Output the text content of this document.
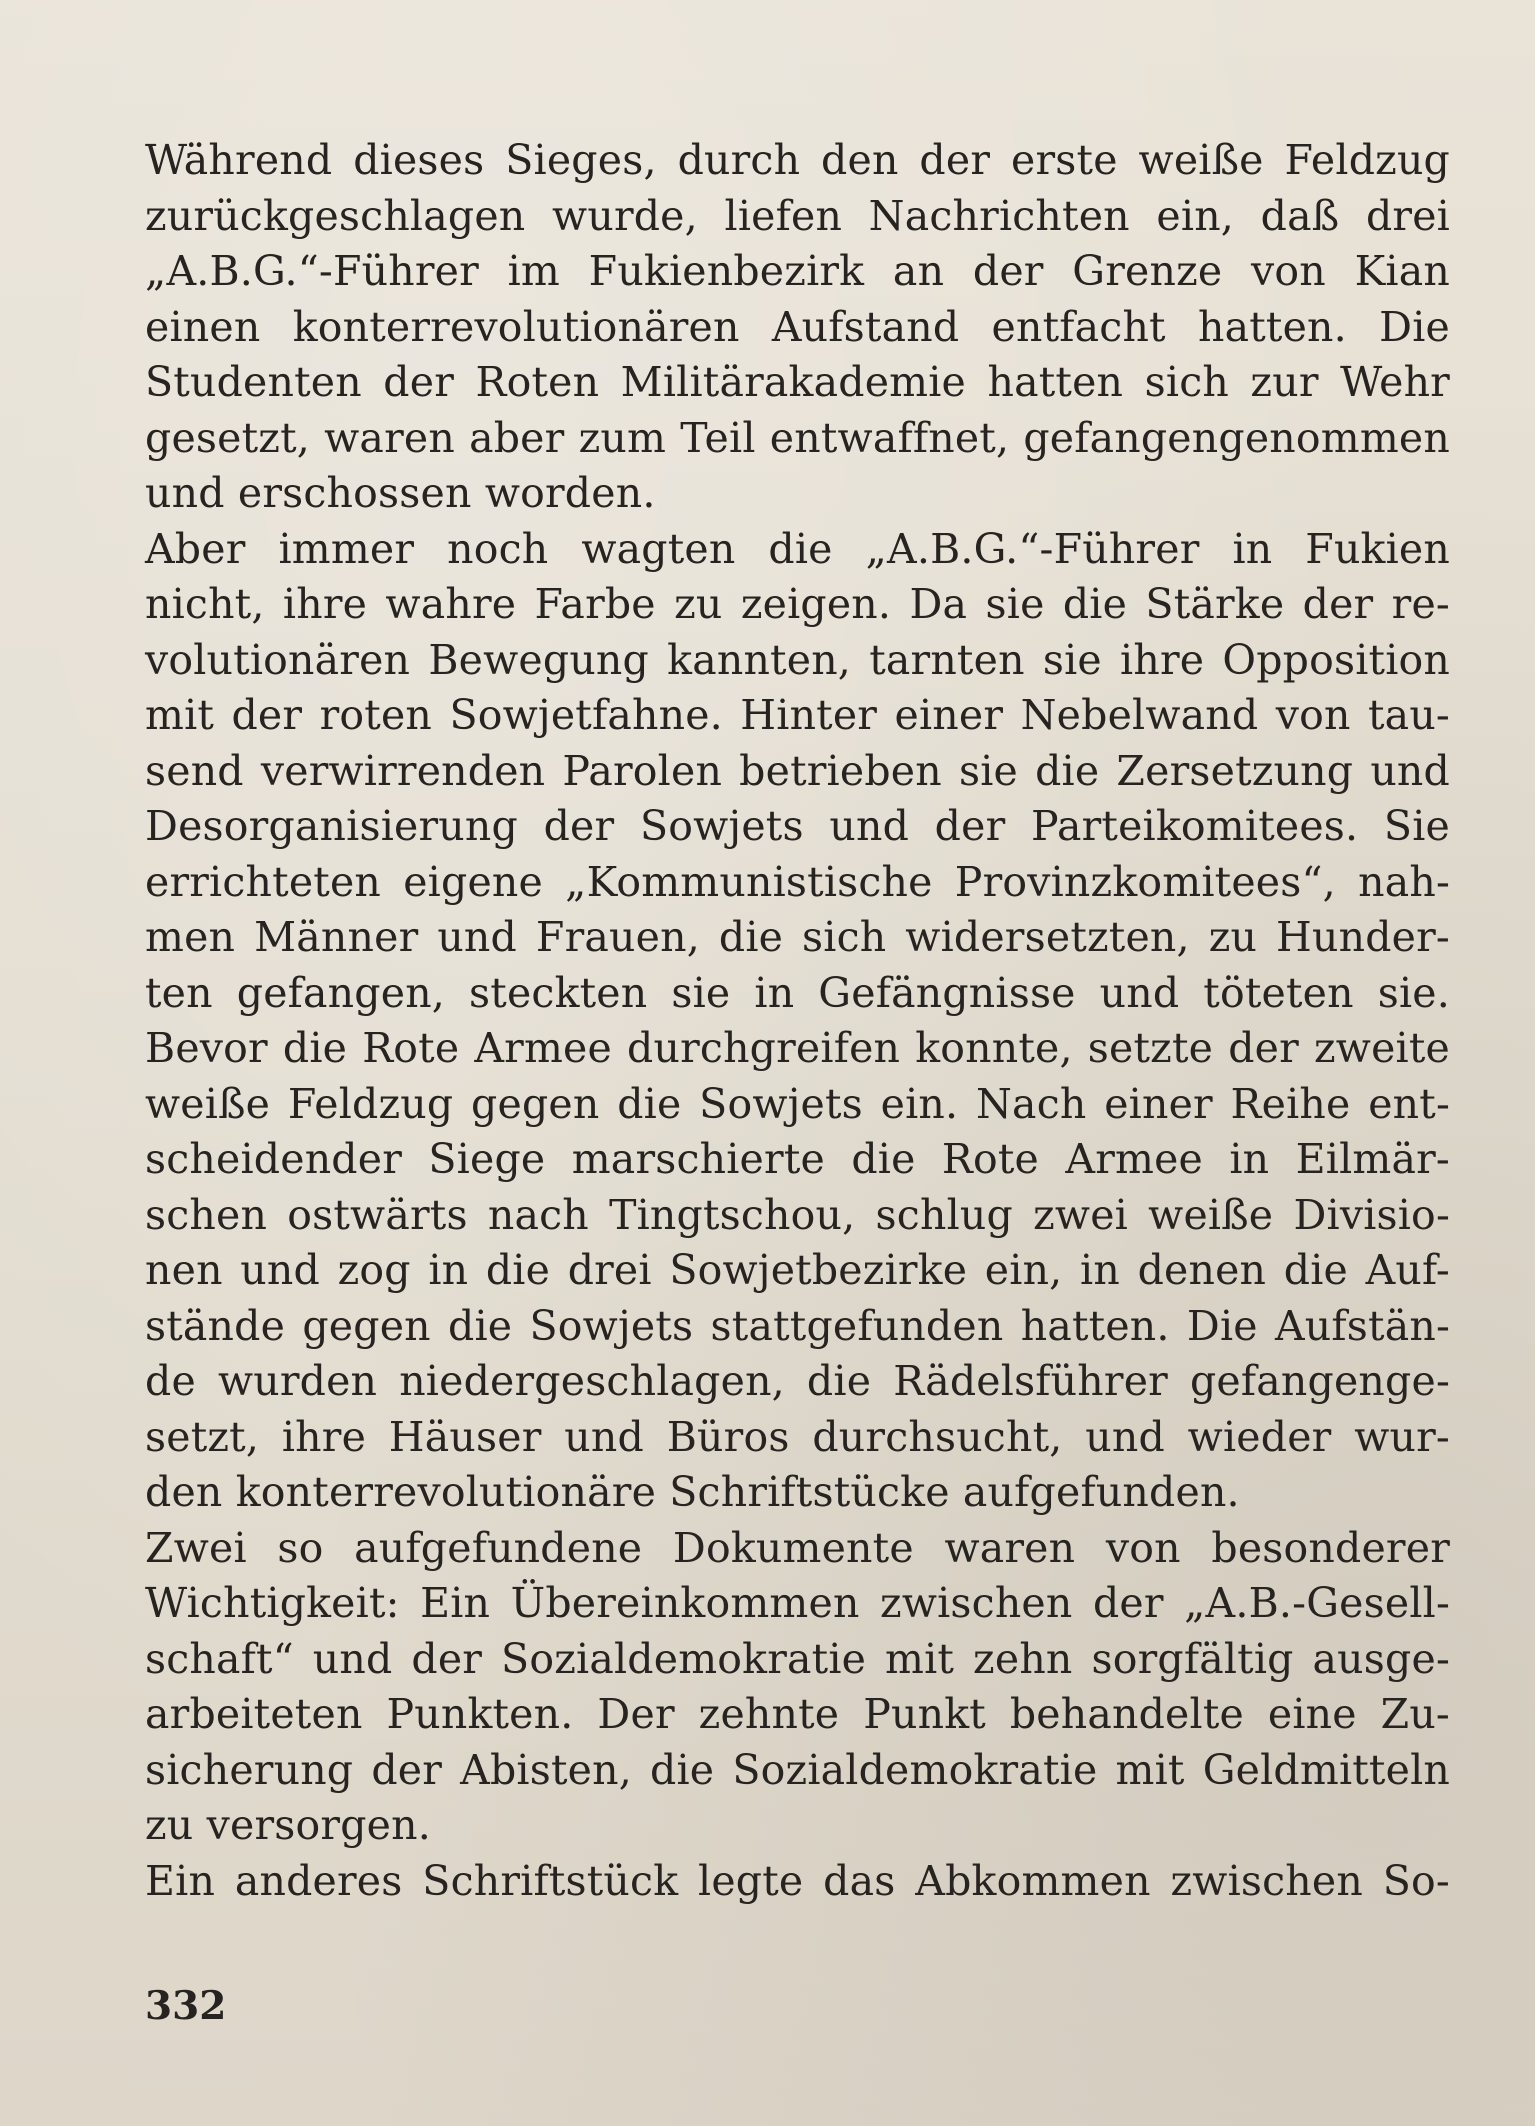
Während dieses Sieges, durch den der erste weiße Feldzug
zurückgeschlagen wurde, liefen Nachrichten ein, daß drei
„A.B.G.“-Führer im Fukienbezirk an der Grenze von Kian
einen konterrevolutionären Aufstand entfacht hatten. Die
Studenten der Roten Militärakademie hatten sich zur Wehr
gesetzt, waren aber zum Teil entwaffnet, gefangengenommen
und erschossen worden.
Aber immer noch wagten die „A.B.G.“-Führer in Fukien
nicht, ihre wahre Farbe zu zeigen. Da sie die Stärke der re-
volutionären Bewegung kannten, tarnten sie ihre Opposition
mit der roten Sowjetfahne. Hinter einer Nebelwand von tau-
send verwirrenden Parolen betrieben sie die Zersetzung und
Desorganisierung der Sowjets und der Parteikomitees. Sie
errichteten eigene „Kommunistische Provinzkomitees“, nah-
men Männer und Frauen, die sich widersetzten, zu Hunder-
ten gefangen, steckten sie in Gefängnisse und töteten sie.
Bevor die Rote Armee durchgreifen konnte, setzte der zweite
weiße Feldzug gegen die Sowjets ein. Nach einer Reihe ent-
scheidender Siege marschierte die Rote Armee in Eilmär-
schen ostwärts nach Tingtschou, schlug zwei weiße Divisio-
nen und zog in die drei Sowjetbezirke ein, in denen die Auf-
stände gegen die Sowjets stattgefunden hatten. Die Aufstän-
de wurden niedergeschlagen, die Rädelsführer gefangenge-
setzt, ihre Häuser und Büros durchsucht, und wieder wur-
den konterrevolutionäre Schriftstücke aufgefunden.
Zwei so aufgefundene Dokumente waren von besonderer
Wichtigkeit: Ein Übereinkommen zwischen der „A.B.-Gesell-
schaft“ und der Sozialdemokratie mit zehn sorgfältig ausge-
arbeiteten Punkten. Der zehnte Punkt behandelte eine Zu-
sicherung der Abisten, die Sozialdemokratie mit Geldmitteln
zu versorgen.
Ein anderes Schriftstück legte das Abkommen zwischen So-
332
